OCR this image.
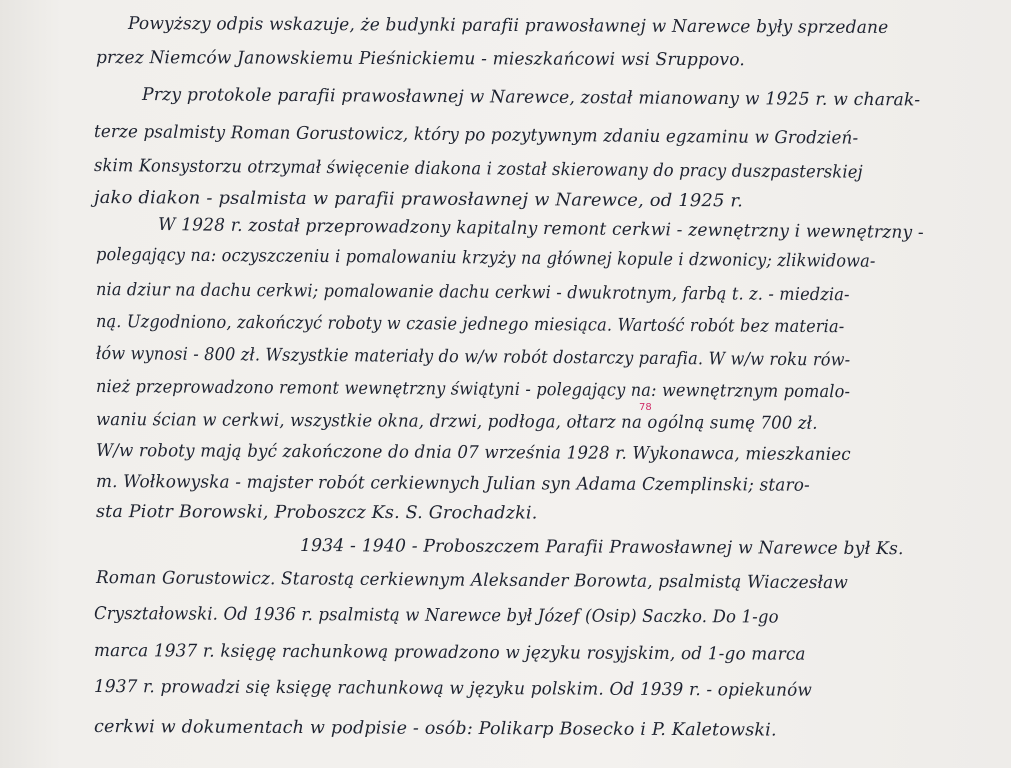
Powyższy odpis wskazuje, że budynki parafii prawosławnej w Narewce były sprzedane
przez Niemców Janowskiemu Pieśnickiemu - mieszkańcowi wsi Sruppovo.
Przy protokole parafii prawosławnej w Narewce, został mianowany w 1925 r. w charak-
terze psalmisty Roman Gorustowicz, który po pozytywnym zdaniu egzaminu w Grodzień-
skim Konsystorzu otrzymał święcenie diakona i został skierowany do pracy duszpasterskiej
jako diakon - psalmista w parafii prawosławnej w Narewce, od 1925 r.
W 1928 r. został przeprowadzony kapitalny remont cerkwi - zewnętrzny i wewnętrzny -
polegający na: oczyszczeniu i pomalowaniu krzyży na głównej kopule i dzwonicy; zlikwidowa-
nia dziur na dachu cerkwi; pomalowanie dachu cerkwi - dwukrotnym, farbą t. z. - miedzia-
ną. Uzgodniono, zakończyć roboty w czasie jednego miesiąca. Wartość robót bez materia-
łów wynosi - 800 zł. Wszystkie materiały do w/w robót dostarczy parafia. W w/w roku rów-
nież przeprowadzono remont wewnętrzny świątyni - polegający na: wewnętrznym pomalo-
waniu ścian w cerkwi, wszystkie okna, drzwi, podłoga, ołtarz na ogólną sumę 700 zł.
W/w roboty mają być zakończone do dnia 07 września 1928 r. Wykonawca, mieszkaniec
m. Wołkowyska - majster robót cerkiewnych Julian syn Adama Czemplinski; staro-
sta Piotr Borowski, Proboszcz Ks. S. Grochadzki.
1934 - 1940 - Proboszczem Parafii Prawosławnej w Narewce był Ks.
Roman Gorustowicz. Starostą cerkiewnym Aleksander Borowta, psalmistą Wiaczesław
Cryształowski. Od 1936 r. psalmistą w Narewce był Józef (Osip) Saczko. Do 1-go
marca 1937 r. księgę rachunkową prowadzono w języku rosyjskim, od 1-go marca
1937 r. prowadzi się księgę rachunkową w języku polskim. Od 1939 r. - opiekunów
cerkwi w dokumentach w podpisie - osób: Polikarp Bosecko i P. Kaletowski.
78
